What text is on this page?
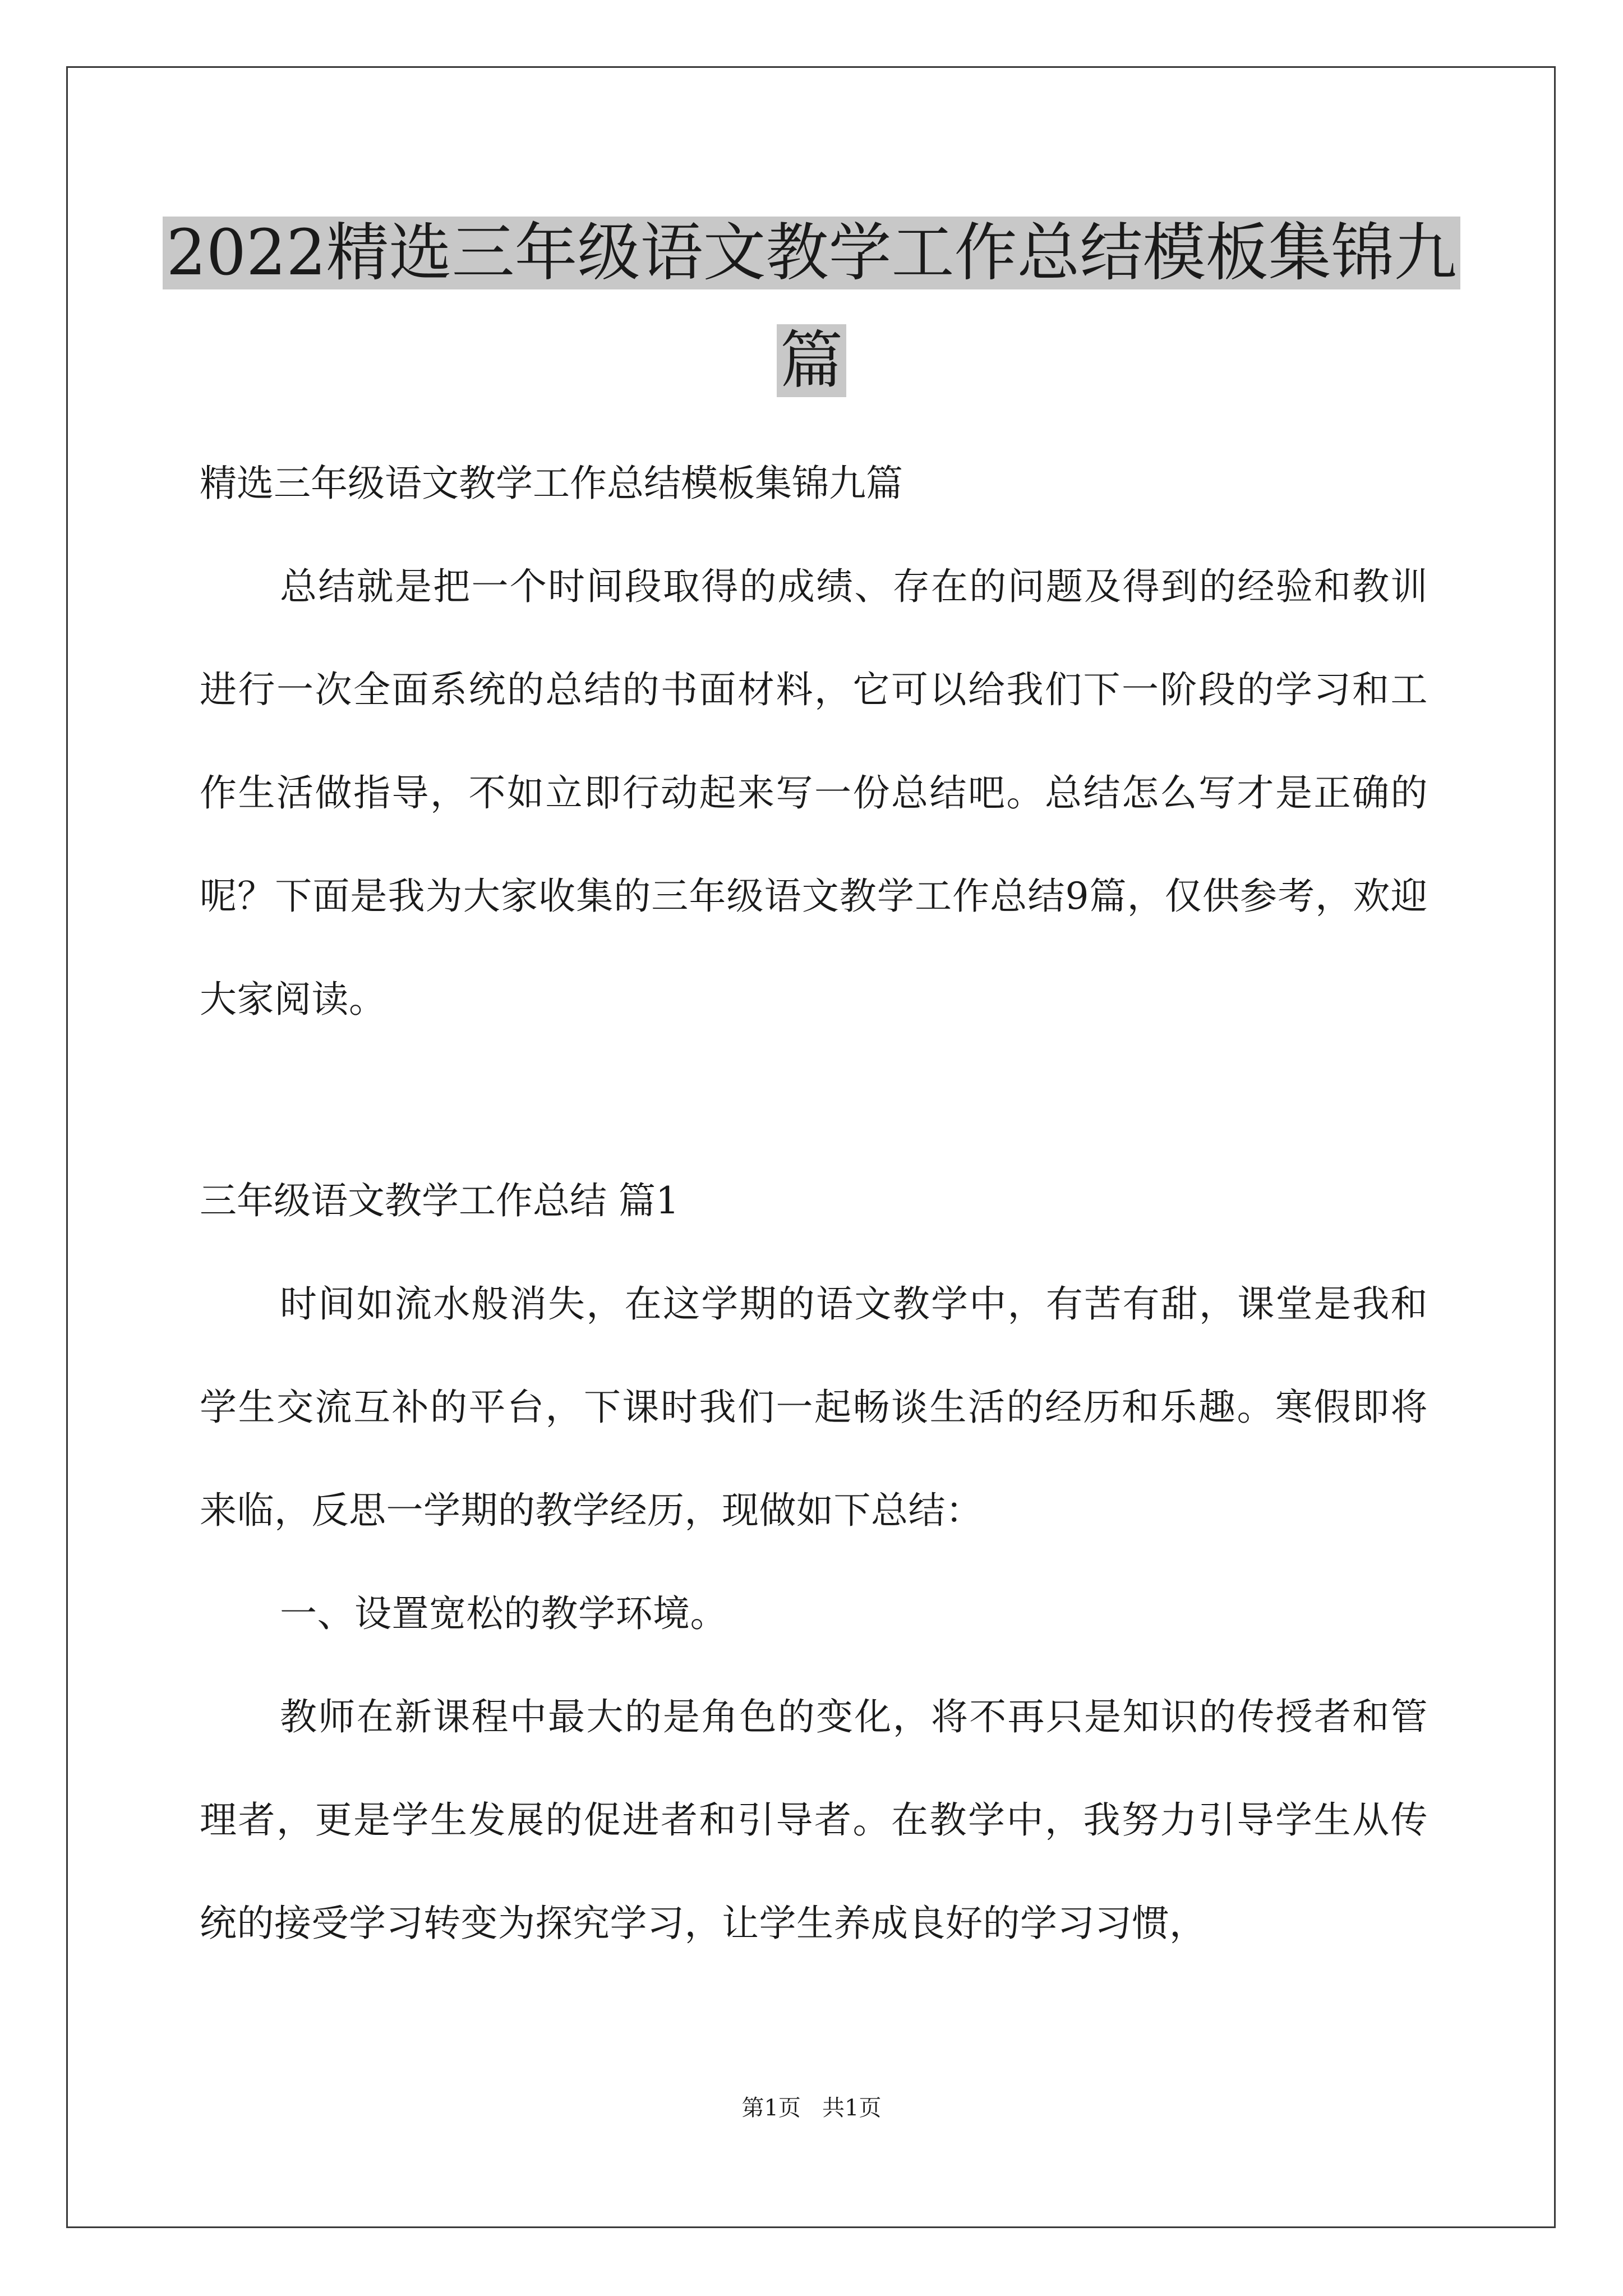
2022精选三年级语文教学工作总结模板集锦九
篇

精选三年级语文教学工作总结模板集锦九篇

总结就是把一个时间段取得的成绩、存在的问题及得到的经验和教训进行一次全面系统的总结的书面材料，它可以给我们下一阶段的学习和工作生活做指导，不如立即行动起来写一份总结吧。总结怎么写才是正确的呢？下面是我为大家收集的三年级语文教学工作总结9篇，仅供参考，欢迎大家阅读。

三年级语文教学工作总结 篇1

时间如流水般消失，在这学期的语文教学中，有苦有甜，课堂是我和学生交流互补的平台，下课时我们一起畅谈生活的经历和乐趣。寒假即将来临，反思一学期的教学经历，现做如下总结：

一、设置宽松的教学环境。

教师在新课程中最大的是角色的变化，将不再只是知识的传授者和管理者，更是学生发展的促进者和引导者。在教学中，我努力引导学生从传统的接受学习转变为探究学习，让学生养成良好的学习习惯，

第1页   共1页
